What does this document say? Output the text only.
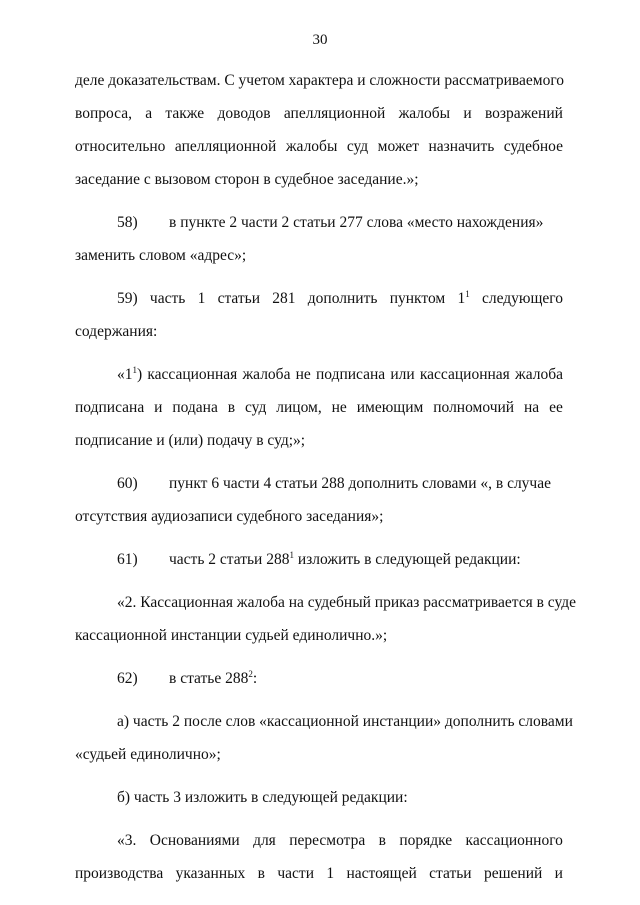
30
деле доказательствам. С учетом характера и сложности рассматриваемого
вопроса, а также доводов апелляционной жалобы и возражений
относительно апелляционной жалобы суд может назначить судебное
заседание с вызовом сторон в судебное заседание.»;
58) в пункте 2 части 2 статьи 277 слова «место нахождения»
заменить словом «адрес»;
59) часть 1 статьи 281 дополнить пунктом $1^1$ следующего
содержания:
«$1^1$) кассационная жалоба не подписана или кассационная жалоба
подписана и подана в суд лицом, не имеющим полномочий на ее
подписание и (или) подачу в суд;»;
60) пункт 6 части 4 статьи 288 дополнить словами «, в случае
отсутствия аудиозаписи судебного заседания»;
61) часть 2 статьи $288^1$ изложить в следующей редакции:
«2. Кассационная жалоба на судебный приказ рассматривается в суде
кассационной инстанции судьей единолично.»;
62) в статье $288^2$:
а) часть 2 после слов «кассационной инстанции» дополнить словами
«судьей единолично»;
б) часть 3 изложить в следующей редакции:
«3. Основаниями для пересмотра в порядке кассационного
производства указанных в части 1 настоящей статьи решений и
